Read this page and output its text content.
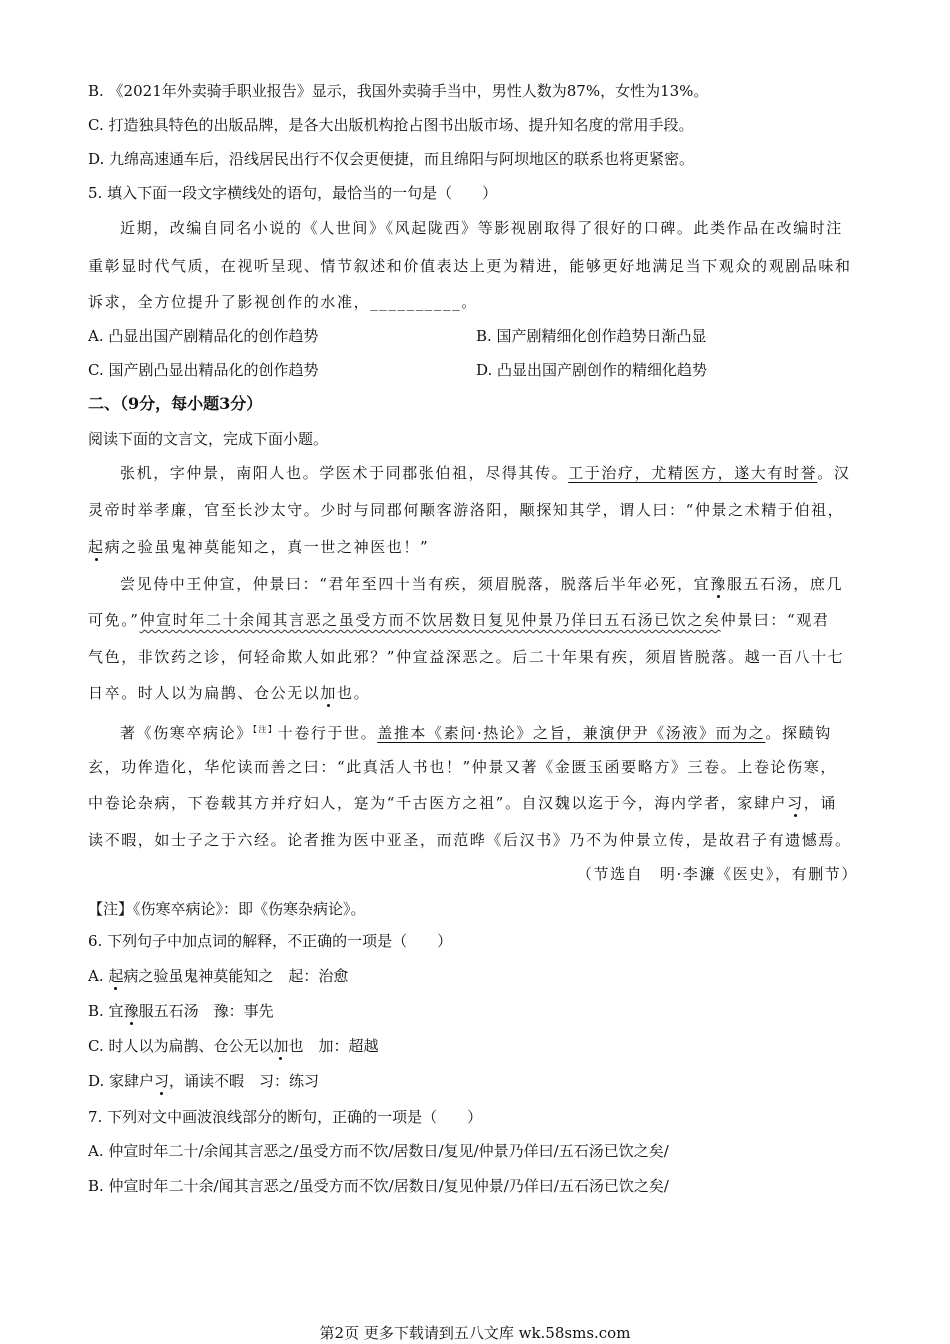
B. 《2021年外卖骑手职业报告》显示，我国外卖骑手当中，男性人数为87%，女性为13%。
C. 打造独具特色的出版品牌，是各大出版机构抢占图书出版市场、提升知名度的常用手段。
D. 九绵高速通车后，沿线居民出行不仅会更便捷，而且绵阳与阿坝地区的联系也将更紧密。
5. 填入下面一段文字横线处的语句，最恰当的一句是（　　）
近期，改编自同名小说的《人世间》《风起陇西》等影视剧取得了很好的口碑。此类作品在改编时注
重彰显时代气质，在视听呈现、情节叙述和价值表达上更为精进，能够更好地满足当下观众的观剧品味和
诉求，全方位提升了影视创作的水准，__________。
A. 凸显出国产剧精品化的创作趋势	B. 国产剧精细化创作趋势日渐凸显
C. 国产剧凸显出精品化的创作趋势	D. 凸显出国产剧创作的精细化趋势
二、（9分，每小题3分）
阅读下面的文言文，完成下面小题。
张机，字仲景，南阳人也。学医术于同郡张伯祖，尽得其传。工于治疗，尤精医方，遂大有时誉。汉
灵帝时举孝廉，官至长沙太守。少时与同郡何颙客游洛阳，颙探知其学，谓人曰：“仲景之术精于伯祖，
起病之验虽鬼神莫能知之，真一世之神医也！”
尝见侍中王仲宣，仲景曰：“君年至四十当有疾，须眉脱落，脱落后半年必死，宜豫服五石汤，庶几
可免。”仲宣时年二十余闻其言恶之虽受方而不饮居数日复见仲景乃佯曰五石汤已饮之矣仲景曰：“观君
气色，非饮药之诊，何轻命欺人如此邪？”仲宣益深恶之。后二十年果有疾，须眉皆脱落。越一百八十七
日卒。时人以为扁鹊、仓公无以加也。
著《伤寒卒病论》$^{【注】}$十卷行于世。盖推本《素问·热论》之旨，兼演伊尹《汤液》而为之。探赜钩
玄，功侔造化，华佗读而善之曰：“此真活人书也！”仲景又著《金匮玉函要略方》三卷。上卷论伤寒，
中卷论杂病，下卷载其方并疗妇人，寔为“千古医方之祖”。自汉魏以迄于今，海内学者，家肆户习，诵
读不暇，如士子之于六经。论者推为医中亚圣，而范晔《后汉书》乃不为仲景立传，是故君子有遗憾焉。
（节选自　明·李濂《医史》，有删节）
【注】《伤寒卒病论》：即《伤寒杂病论》。
6. 下列句子中加点词的解释，不正确的一项是（　　）
A. 起病之验虽鬼神莫能知之　起：治愈
B. 宜豫服五石汤　豫：事先
C. 时人以为扁鹊、仓公无以加也　加：超越
D. 家肆户习，诵读不暇　习：练习
7. 下列对文中画波浪线部分的断句，正确的一项是（　　）
A. 仲宣时年二十/余闻其言恶之/虽受方而不饮/居数日/复见/仲景乃佯曰/五石汤已饮之矣/
B. 仲宣时年二十余/闻其言恶之/虽受方而不饮/居数日/复见仲景/乃佯曰/五石汤已饮之矣/
第2页 更多下载请到五八文库 wk.58sms.com
